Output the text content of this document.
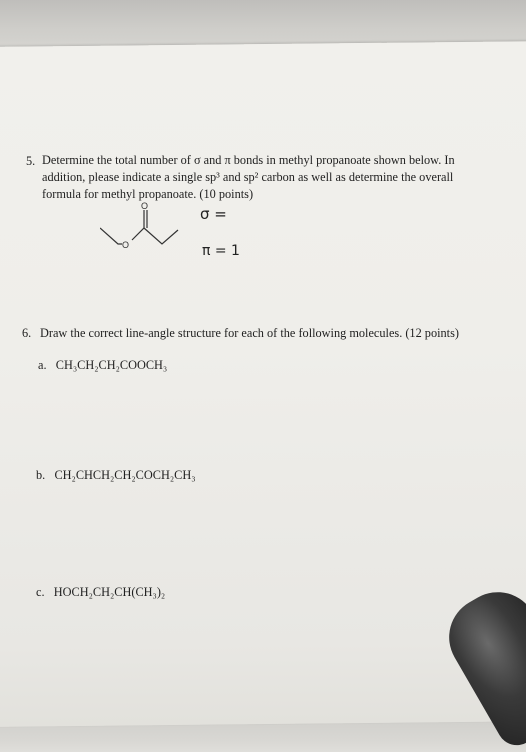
5. Determine the total number of σ and π bonds in methyl propanoate shown below. In
addition, please indicate a single sp³ and sp² carbon as well as determine the overall
formula for methyl propanoate. (10 points)
O
O
σ =
π = 1
6. Draw the correct line-angle structure for each of the following molecules. (12 points)
a. CH₃CH₂CH₂COOCH₃
b. CH₂CHCH₂CH₂COCH₂CH₃
c. HOCH₂CH₂CH(CH₃)₂
